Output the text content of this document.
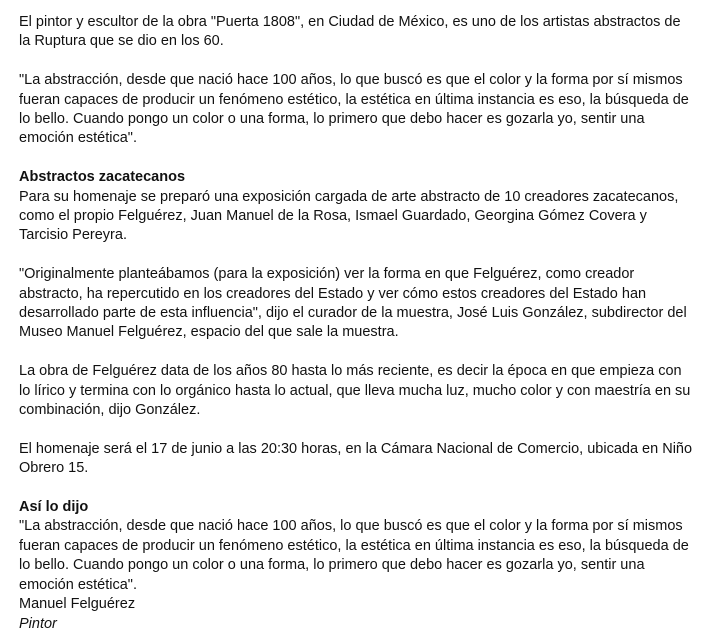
El pintor y escultor de la obra "Puerta 1808", en Ciudad de México, es uno de los artistas abstractos de
la Ruptura que se dio en los 60.

"La abstracción, desde que nació hace 100 años, lo que buscó es que el color y la forma por sí mismos
fueran capaces de producir un fenómeno estético, la estética en última instancia es eso, la búsqueda de
lo bello. Cuando pongo un color o una forma, lo primero que debo hacer es gozarla yo, sentir una
emoción estética".

Abstractos zacatecanos
Para su homenaje se preparó una exposición cargada de arte abstracto de 10 creadores zacatecanos,
como el propio Felguérez, Juan Manuel de la Rosa, Ismael Guardado, Georgina Gómez Covera y
Tarcisio Pereyra.

"Originalmente planteábamos (para la exposición) ver la forma en que Felguérez, como creador
abstracto, ha repercutido en los creadores del Estado y ver cómo estos creadores del Estado han
desarrollado parte de esta influencia", dijo el curador de la muestra, José Luis González, subdirector del
Museo Manuel Felguérez, espacio del que sale la muestra.

La obra de Felguérez data de los años 80 hasta lo más reciente, es decir la época en que empieza con
lo lírico y termina con lo orgánico hasta lo actual, que lleva mucha luz, mucho color y con maestría en su
combinación, dijo González.

El homenaje será el 17 de junio a las 20:30 horas, en la Cámara Nacional de Comercio, ubicada en Niño
Obrero 15.

Así lo dijo
"La abstracción, desde que nació hace 100 años, lo que buscó es que el color y la forma por sí mismos
fueran capaces de producir un fenómeno estético, la estética en última instancia es eso, la búsqueda de
lo bello. Cuando pongo un color o una forma, lo primero que debo hacer es gozarla yo, sentir una
emoción estética".
Manuel Felguérez
Pintor
